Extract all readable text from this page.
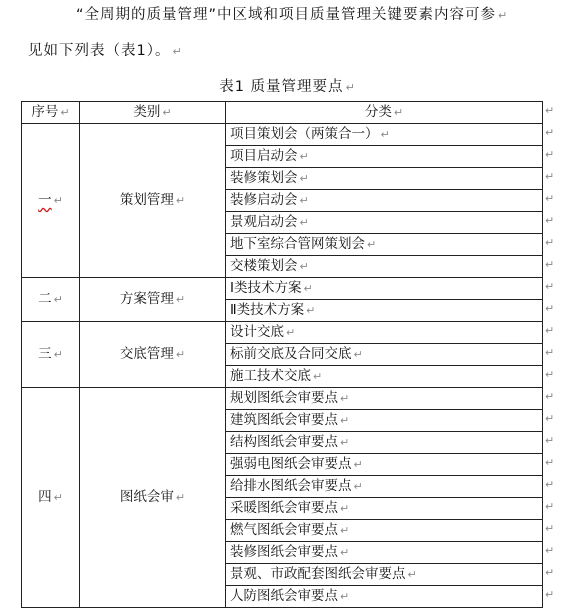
“全周期的质量管理”中区域和项目质量管理关键要素内容可参 ↵
见如下列表（表1）。 ↵
表1 质量管理要点 ↵
序号 ↵	类别 ↵	分类 ↵
一 ↵	策划管理 ↵	项目策划会（两策合一） ↵
		项目启动会 ↵
		装修策划会 ↵
		装修启动会 ↵
		景观启动会 ↵
		地下室综合管网策划会 ↵
		交楼策划会 ↵
二 ↵	方案管理 ↵	Ⅰ类技术方案 ↵
		Ⅱ类技术方案 ↵
三 ↵	交底管理 ↵	设计交底 ↵
		标前交底及合同交底 ↵
		施工技术交底 ↵
四 ↵	图纸会审 ↵	规划图纸会审要点 ↵
		建筑图纸会审要点 ↵
		结构图纸会审要点 ↵
		强弱电图纸会审要点 ↵
		给排水图纸会审要点 ↵
		采暖图纸会审要点 ↵
		燃气图纸会审要点 ↵
		装修图纸会审要点 ↵
		景观、市政配套图纸会审要点 ↵
		人防图纸会审要点 ↵
↵
↵
↵
↵
↵
↵
↵
↵
↵
↵
↵
↵
↵
↵
↵
↵
↵
↵
↵
↵
↵
↵
↵
